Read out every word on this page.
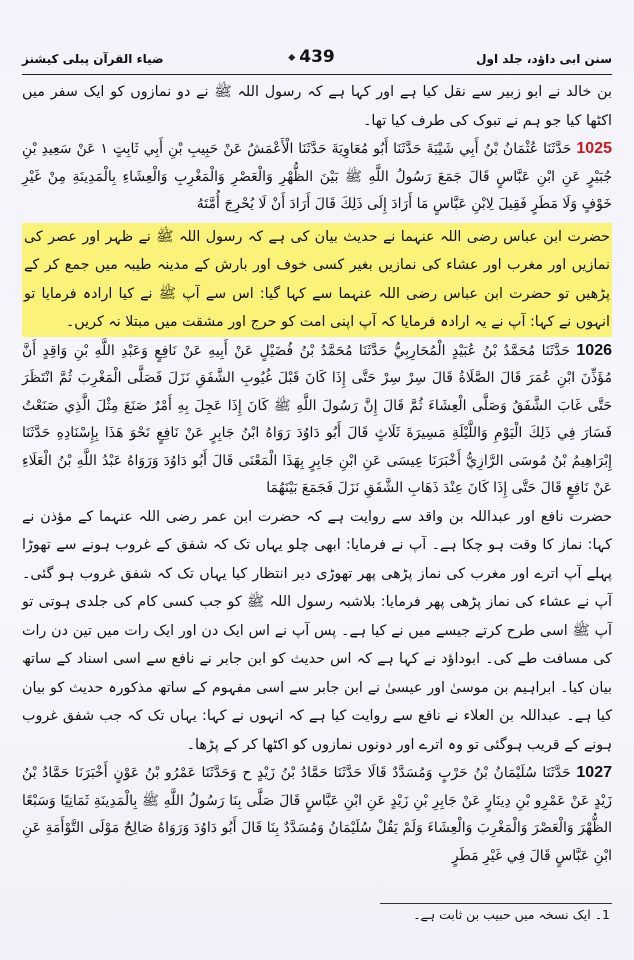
سنن ابی داؤد، جلد اول
439
ضیاء القرآن پبلی کیشنز

بن خالد نے ابو زبیر سے نقل کیا ہے اور کہا ہے کہ رسول اللہ ﷺ نے دو نمازوں کو ایک سفر میں اکٹھا کیا جو ہم نے تبوک کی طرف کیا تھا۔

1025 حَدَّثَنَا عُثْمَانُ بْنُ أَبِي شَيْبَةَ حَدَّثَنَا أَبُو مُعَاوِيَةَ حَدَّثَنَا الْأَعْمَشُ عَنْ حَبِيبِ بْنِ أَبِي ثَابِتٍ ۱ عَنْ سَعِيدِ بْنِ جُبَيْرٍ عَنِ ابْنِ عَبَّاسٍ قَالَ جَمَعَ رَسُولُ اللَّهِ ﷺ بَيْنَ الظُّهْرِ وَالْعَصْرِ وَالْمَغْرِبِ وَالْعِشَاءِ بِالْمَدِينَةِ مِنْ غَيْرِ خَوْفٍ وَلَا مَطَرٍ فَقِيلَ لِابْنِ عَبَّاسٍ مَا أَرَادَ إِلَى ذَلِكَ قَالَ أَرَادَ أَنْ لَا يُحْرِجَ أُمَّتَهُ

حضرت ابن عباس رضی اللہ عنہما نے حدیث بیان کی ہے کہ رسول اللہ ﷺ نے ظہر اور عصر کی نمازیں اور مغرب اور عشاء کی نمازیں بغیر کسی خوف اور بارش کے مدینہ طیبہ میں جمع کر کے پڑھیں تو حضرت ابن عباس رضی اللہ عنہما سے کہا گیا: اس سے آپ ﷺ نے کیا ارادہ فرمایا تو انہوں نے کہا: آپ نے یہ ارادہ فرمایا کہ آپ اپنی امت کو حرج اور مشقت میں مبتلا نہ کریں۔

1026 حَدَّثَنَا مُحَمَّدُ بْنُ عُبَيْدٍ الْمُحَارِبِيُّ حَدَّثَنَا مُحَمَّدُ بْنُ فُضَيْلٍ عَنْ أَبِيهِ عَنْ نَافِعٍ وَعَبْدِ اللَّهِ بْنِ وَاقِدٍ أَنَّ مُؤَذِّنَ ابْنِ عُمَرَ قَالَ الصَّلَاةُ قَالَ سِرْ سِرْ حَتَّى إِذَا كَانَ قَبْلَ غُيُوبِ الشَّفَقِ نَزَلَ فَصَلَّى الْمَغْرِبَ ثُمَّ انْتَظَرَ حَتَّى غَابَ الشَّفَقُ وَصَلَّى الْعِشَاءَ ثُمَّ قَالَ إِنَّ رَسُولَ اللَّهِ ﷺ كَانَ إِذَا عَجِلَ بِهِ أَمْرٌ صَنَعَ مِثْلَ الَّذِي صَنَعْتُ فَسَارَ فِي ذَلِكَ الْيَوْمِ وَاللَّيْلَةِ مَسِيرَةَ ثَلَاثٍ قَالَ أَبُو دَاوُدَ رَوَاهُ ابْنُ جَابِرٍ عَنْ نَافِعٍ نَحْوَ هَذَا بِإِسْنَادِهِ حَدَّثَنَا إِبْرَاهِيمُ بْنُ مُوسَى الرَّازِيُّ أَخْبَرَنَا عِيسَى عَنِ ابْنِ جَابِرٍ بِهَذَا الْمَعْنَى قَالَ أَبُو دَاوُدَ وَرَوَاهُ عَبْدُ اللَّهِ بْنُ الْعَلَاءِ عَنْ نَافِعٍ قَالَ حَتَّى إِذَا كَانَ عِنْدَ ذَهَابِ الشَّفَقِ نَزَلَ فَجَمَعَ بَيْنَهُمَا

حضرت نافع اور عبداللہ بن واقد سے روایت ہے کہ حضرت ابن عمر رضی اللہ عنہما کے مؤذن نے کہا: نماز کا وقت ہو چکا ہے۔ آپ نے فرمایا: ابھی چلو یہاں تک کہ شفق کے غروب ہونے سے تھوڑا پہلے آپ اترے اور مغرب کی نماز پڑھی پھر تھوڑی دیر انتظار کیا یہاں تک کہ شفق غروب ہو گئی۔ آپ نے عشاء کی نماز پڑھی پھر فرمایا: بلاشبہ رسول اللہ ﷺ کو جب کسی کام کی جلدی ہوتی تو آپ ﷺ اسی طرح کرتے جیسے میں نے کیا ہے۔ پس آپ نے اس ایک دن اور ایک رات میں تین دن رات کی مسافت طے کی۔ ابوداؤد نے کہا ہے کہ اس حدیث کو ابن جابر نے نافع سے اسی اسناد کے ساتھ بیان کیا۔ ابراہیم بن موسیٰ اور عیسیٰ نے ابن جابر سے اسی مفہوم کے ساتھ مذکورہ حدیث کو بیان کیا ہے۔ عبداللہ بن العلاء نے نافع سے روایت کیا ہے کہ انہوں نے کہا: یہاں تک کہ جب شفق غروب ہونے کے قریب ہوگئی تو وہ اترے اور دونوں نمازوں کو اکٹھا کر کے پڑھا۔

1027 حَدَّثَنَا سُلَيْمَانُ بْنُ حَرْبٍ وَمُسَدَّدٌ قَالَا حَدَّثَنَا حَمَّادُ بْنُ زَيْدٍ ح وَحَدَّثَنَا عَمْرُو بْنُ عَوْنٍ أَخْبَرَنَا حَمَّادُ بْنُ زَيْدٍ عَنْ عَمْرِو بْنِ دِينَارٍ عَنْ جَابِرِ بْنِ زَيْدٍ عَنِ ابْنِ عَبَّاسٍ قَالَ صَلَّى بِنَا رَسُولُ اللَّهِ ﷺ بِالْمَدِينَةِ ثَمَانِيًا وَسَبْعًا الظُّهْرَ وَالْعَصْرَ وَالْمَغْرِبَ وَالْعِشَاءَ وَلَمْ يَقُلْ سُلَيْمَانُ وَمُسَدَّدٌ بِنَا قَالَ أَبُو دَاوُدَ وَرَوَاهُ صَالِحٌ مَوْلَى التَّوْأَمَةِ عَنِ ابْنِ عَبَّاسٍ قَالَ فِي غَيْرِ مَطَرٍ

1۔ ایک نسخہ میں حبیب بن ثابت ہے۔
